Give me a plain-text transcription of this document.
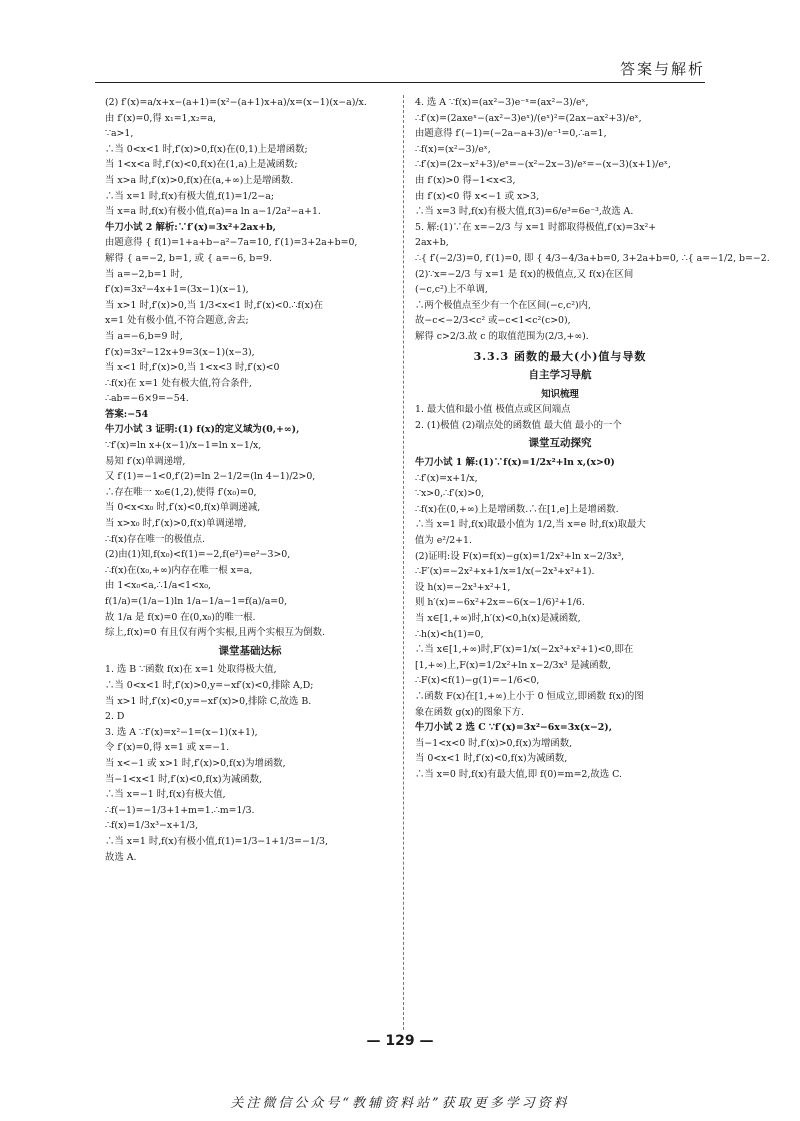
答案与解析
(2) f′(x)=a/x+x−(a+1)=(x²−(a+1)x+a)/x=(x−1)(x−a)/x.
由 f′(x)=0,得 x₁=1,x₂=a,
∵a>1,
∴当 0<x<1 时,f′(x)>0,f(x)在(0,1)上是增函数;
当 1<x<a 时,f′(x)<0,f(x)在(1,a)上是减函数;
当 x>a 时,f′(x)>0,f(x)在(a,+∞)上是增函数.
∴当 x=1 时,f(x)有极大值,f(1)=1/2−a;
当 x=a 时,f(x)有极小值,f(a)=a ln a−1/2a²−a+1.
牛刀小试 2 解析:∵f′(x)=3x²+2ax+b,
由题意得 { f(1)=1+a+b−a²−7a=10, f′(1)=3+2a+b=0,
解得 { a=−2, b=1, 或 { a=−6, b=9.
当 a=−2,b=1 时,
f′(x)=3x²−4x+1=(3x−1)(x−1),
当 x>1 时,f′(x)>0,当 1/3<x<1 时,f′(x)<0.∴f(x)在
x=1 处有极小值,不符合题意,舍去;
当 a=−6,b=9 时,
f′(x)=3x²−12x+9=3(x−1)(x−3),
当 x<1 时,f′(x)>0,当 1<x<3 时,f′(x)<0
∴f(x)在 x=1 处有极大值,符合条件,
∴ab=−6×9=−54.
答案:−54
牛刀小试 3 证明:(1) f(x)的定义域为(0,+∞),
∵f′(x)=ln x+(x−1)/x−1=ln x−1/x,
易知 f′(x)单调递增,
又 f′(1)=−1<0,f′(2)=ln 2−1/2=(ln 4−1)/2>0,
∴存在唯一 x₀∈(1,2),使得 f′(x₀)=0,
当 0<x<x₀ 时,f′(x)<0,f(x)单调递减,
当 x>x₀ 时,f′(x)>0,f(x)单调递增,
∴f(x)存在唯一的极值点.
(2)由(1)知,f(x₀)<f(1)=−2,f(e²)=e²−3>0,
∴f(x)在(x₀,+∞)内存在唯一根 x=a,
由 1<x₀<a,∴1/a<1<x₀,
f(1/a)=(1/a−1)ln 1/a−1/a−1=f(a)/a=0,
故 1/a 是 f(x)=0 在(0,x₀)的唯一根.
综上,f(x)=0 有且仅有两个实根,且两个实根互为倒数.
课堂基础达标
1. 选 B ∵函数 f(x)在 x=1 处取得极大值,
∴当 0<x<1 时,f′(x)>0,y=−xf′(x)<0,排除 A,D;
当 x>1 时,f′(x)<0,y=−xf′(x)>0,排除 C,故选 B.
2. D
3. 选 A ∵f′(x)=x²−1=(x−1)(x+1),
令 f′(x)=0,得 x=1 或 x=−1.
当 x<−1 或 x>1 时,f′(x)>0,f(x)为增函数,
当−1<x<1 时,f′(x)<0,f(x)为减函数,
∴当 x=−1 时,f(x)有极大值,
∴f(−1)=−1/3+1+m=1.∴m=1/3.
∴f(x)=1/3x³−x+1/3,
∴当 x=1 时,f(x)有极小值,f(1)=1/3−1+1/3=−1/3,
故选 A.
4. 选 A ∵f(x)=(ax²−3)e⁻ˣ=(ax²−3)/eˣ,
∴f′(x)=(2axeˣ−(ax²−3)eˣ)/(eˣ)²=(2ax−ax²+3)/eˣ,
由题意得 f′(−1)=(−2a−a+3)/e⁻¹=0,∴a=1,
∴f(x)=(x²−3)/eˣ,
∴f′(x)=(2x−x²+3)/eˣ=−(x²−2x−3)/eˣ=−(x−3)(x+1)/eˣ,
由 f′(x)>0 得−1<x<3,
由 f′(x)<0 得 x<−1 或 x>3,
∴当 x=3 时,f(x)有极大值,f(3)=6/e³=6e⁻³,故选 A.
5. 解:(1)∵在 x=−2/3 与 x=1 时都取得极值,f′(x)=3x²+
2ax+b,
∴{ f′(−2/3)=0, f′(1)=0, 即 { 4/3−4/3a+b=0, 3+2a+b=0, ∴{ a=−1/2, b=−2.
(2)∵x=−2/3 与 x=1 是 f(x)的极值点,又 f(x)在区间
(−c,c²)上不单调,
∴两个极值点至少有一个在区间(−c,c²)内,
故−c<−2/3<c² 或−c<1<c²(c>0),
解得 c>2/3.故 c 的取值范围为(2/3,+∞).
3.3.3 函数的最大(小)值与导数
自主学习导航
知识梳理
1. 最大值和最小值 极值点或区间端点
2. (1)极值 (2)端点处的函数值 最大值 最小的一个
课堂互动探究
牛刀小试 1 解:(1)∵f(x)=1/2x²+ln x,(x>0)
∴f′(x)=x+1/x,
∵x>0,∴f′(x)>0,
∴f(x)在(0,+∞)上是增函数.∴在[1,e]上是增函数.
∴当 x=1 时,f(x)取最小值为 1/2,当 x=e 时,f(x)取最大
值为 e²/2+1.
(2)证明:设 F(x)=f(x)−g(x)=1/2x²+ln x−2/3x³,
∴F′(x)=−2x²+x+1/x=1/x(−2x³+x²+1).
设 h(x)=−2x³+x²+1,
则 h′(x)=−6x²+2x=−6(x−1/6)²+1/6.
当 x∈[1,+∞)时,h′(x)<0,h(x)是减函数,
∴h(x)<h(1)=0,
∴当 x∈[1,+∞)时,F′(x)=1/x(−2x³+x²+1)<0,即在
[1,+∞)上,F(x)=1/2x²+ln x−2/3x³ 是减函数,
∴F(x)<f(1)−g(1)=−1/6<0,
∴函数 F(x)在[1,+∞)上小于 0 恒成立,即函数 f(x)的图
象在函数 g(x)的图象下方.
牛刀小试 2 选 C ∵f′(x)=3x²−6x=3x(x−2),
当−1<x<0 时,f′(x)>0,f(x)为增函数,
当 0<x<1 时,f′(x)<0,f(x)为减函数,
∴当 x=0 时,f(x)有最大值,即 f(0)=m=2,故选 C.
— 129 —
关注微信公众号“教辅资料站”获取更多学习资料
